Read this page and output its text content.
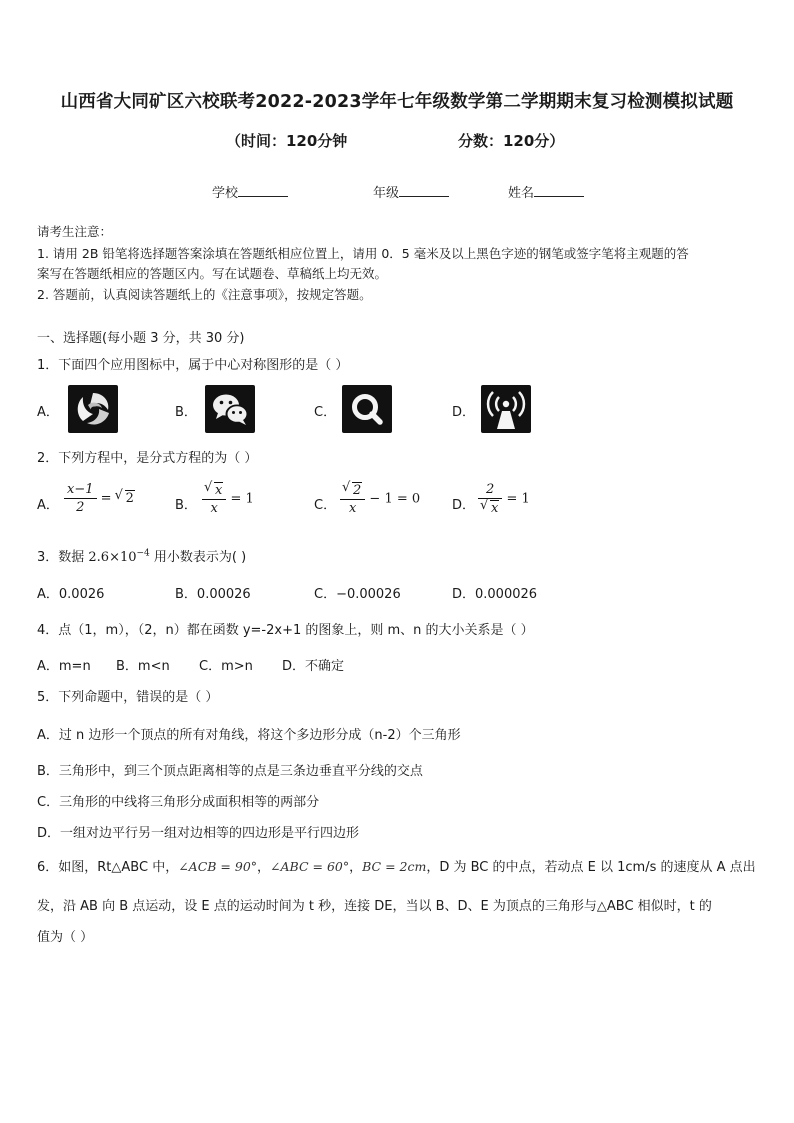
山西省大同矿区六校联考2022-2023学年七年级数学第二学期期末复习检测模拟试题
（时间：120分钟	分数：120分）
学校	年级	姓名
请考生注意：
1. 请用 2B 铅笔将选择题答案涂填在答题纸相应位置上，请用 0．5 毫米及以上黑色字迹的钢笔或签字笔将主观题的答
案写在答题纸相应的答题区内。写在试题卷、草稿纸上均无效。
2. 答题前，认真阅读答题纸上的《注意事项》，按规定答题。
一、选择题(每小题 3 分，共 30 分)
1．下面四个应用图标中，属于中心对称图形的是（ ）
A．	B．	C．	D．
2．下列方程中，是分式方程的为（ ）
A． $\frac{x-1}{2}$ = √ 2	B． √ $\frac{x}{x} = 1$	C． √ $\frac{2}{x} - 1 = 0$ D． 2
√ x = 1
3．数据 $2.6\times 10^{-4}$ 用小数表示为( )
A．0.0026	B．0.00026	C．−0.00026	D．0.000026
4．点（1，m），（2，n）都在函数 y=-2x+1 的图象上，则 m、n 的大小关系是（ ）
A．m=n B．m<n C．m>n D．不确定
5．下列命题中，错误的是（ ）
A．过 n 边形一个顶点的所有对角线，将这个多边形分成（n-2）个三角形
B．三角形中，到三个顶点距离相等的点是三条边垂直平分线的交点
C．三角形的中线将三角形分成面积相等的两部分
D．一组对边平行另一组对边相等的四边形是平行四边形
6．如图，Rt△ABC 中，∠ACB = 90°，∠ABC = 60°，BC = 2cm，D 为 BC 的中点，若动点 E 以 1cm/s 的速度从 A 点出
发，沿 AB 向 B 点运动，设 E 点的运动时间为 t 秒，连接 DE，当以 B、D、E 为顶点的三角形与△ABC 相似时，t 的
值为（ ）
